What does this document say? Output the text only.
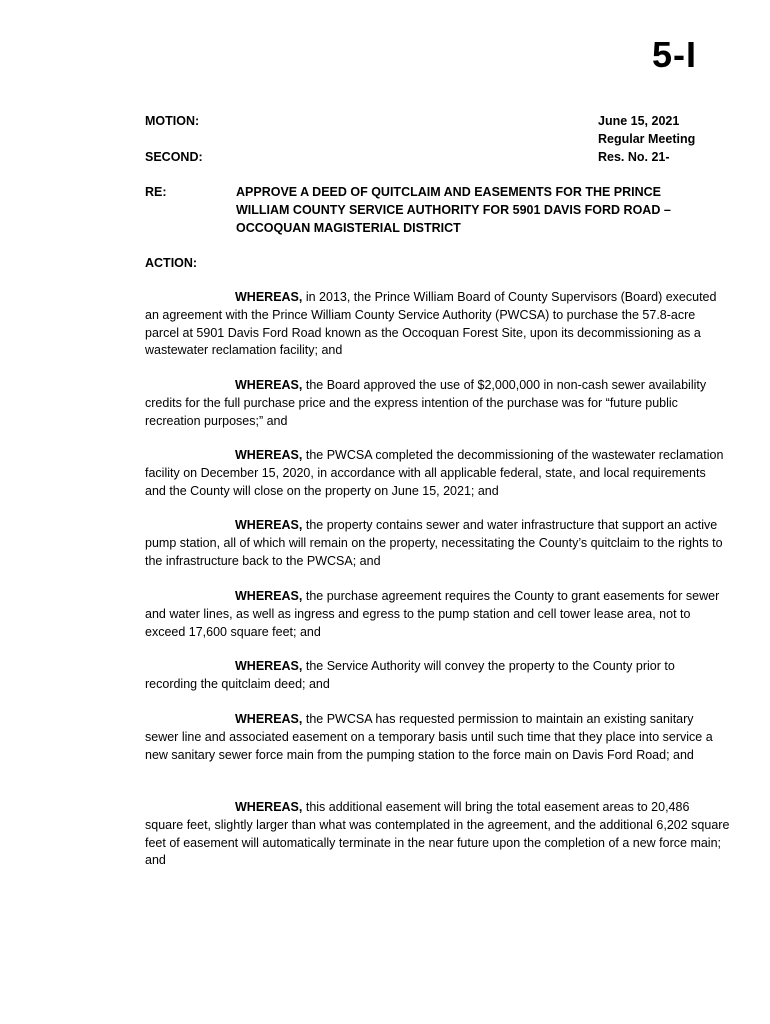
5-I
MOTION:
SECOND:
June 15, 2021
Regular Meeting
Res. No. 21-
RE:	APPROVE A DEED OF QUITCLAIM AND EASEMENTS FOR THE PRINCE WILLIAM COUNTY SERVICE AUTHORITY FOR 5901 DAVIS FORD ROAD – OCCOQUAN MAGISTERIAL DISTRICT
ACTION:

WHEREAS, in 2013, the Prince William Board of County Supervisors (Board) executed an agreement with the Prince William County Service Authority (PWCSA) to purchase the 57.8-acre parcel at 5901 Davis Ford Road known as the Occoquan Forest Site, upon its decommissioning as a wastewater reclamation facility; and

WHEREAS, the Board approved the use of $2,000,000 in non-cash sewer availability credits for the full purchase price and the express intention of the purchase was for “future public recreation purposes;” and

WHEREAS, the PWCSA completed the decommissioning of the wastewater reclamation facility on December 15, 2020, in accordance with all applicable federal, state, and local requirements and the County will close on the property on June 15, 2021; and

WHEREAS, the property contains sewer and water infrastructure that support an active pump station, all of which will remain on the property, necessitating the County’s quitclaim to the rights to the infrastructure back to the PWCSA; and

WHEREAS, the purchase agreement requires the County to grant easements for sewer and water lines, as well as ingress and egress to the pump station and cell tower lease area, not to exceed 17,600 square feet; and

WHEREAS, the Service Authority will convey the property to the County prior to recording the quitclaim deed; and

WHEREAS, the PWCSA has requested permission to maintain an existing sanitary sewer line and associated easement on a temporary basis until such time that they place into service a new sanitary sewer force main from the pumping station to the force main on Davis Ford Road; and

WHEREAS, this additional easement will bring the total easement areas to 20,486 square feet, slightly larger than what was contemplated in the agreement, and the additional 6,202 square feet of easement will automatically terminate in the near future upon the completion of a new force main; and
